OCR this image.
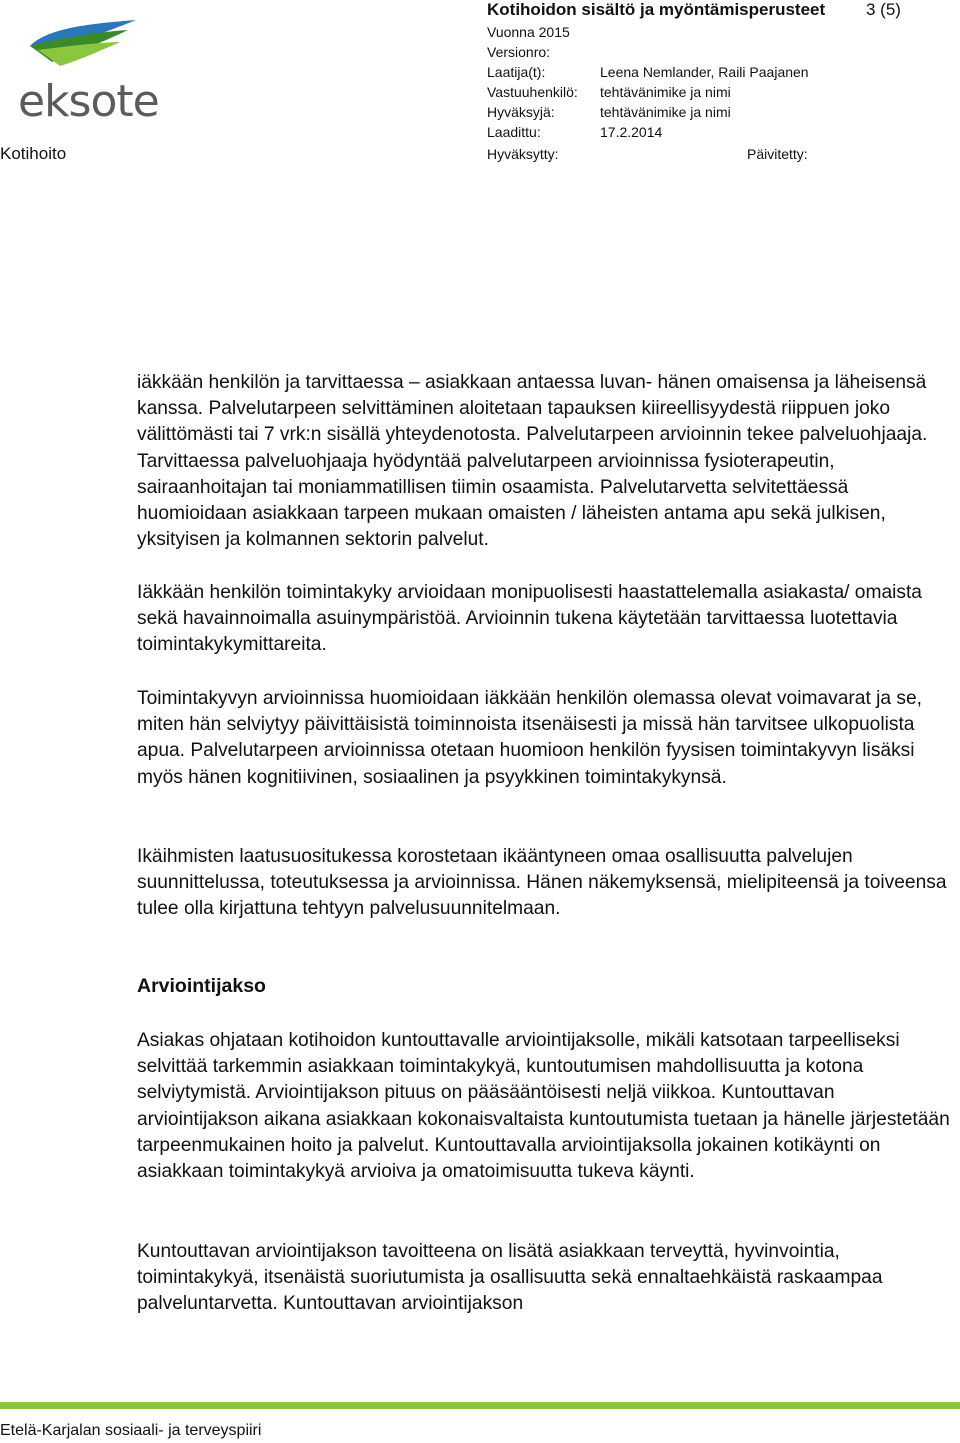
eksote
Kotihoito
Kotihoidon sisältö ja myöntämisperusteet 3 (5)
Vuonna 2015
Versionro:
Laatija(t):	Leena Nemlander, Raili Paajanen
Vastuuhenkilö: tehtävänimike ja nimi
Hyväksyjä:	tehtävänimike ja nimi
Laadittu:	17.2.2014
Hyväksytty:	Päivitetty:

iäkkään henkilön ja tarvittaessa – asiakkaan antaessa luvan- hänen omaisensa ja läheisensä kanssa. Palvelutarpeen selvittäminen aloitetaan tapauksen kiireellisyydestä riippuen joko välittömästi tai 7 vrk:n sisällä yhteydenotosta. Palvelutarpeen arvioinnin tekee palveluohjaaja. Tarvittaessa palveluohjaaja hyödyntää palvelutarpeen arvioinnissa fysioterapeutin, sairaanhoitajan tai moniammatillisen tiimin osaamista. Palvelutarvetta selvitettäessä huomioidaan asiakkaan tarpeen mukaan omaisten / läheisten antama apu sekä julkisen, yksityisen ja kolmannen sektorin palvelut.

Iäkkään henkilön toimintakyky arvioidaan monipuolisesti haastattelemalla asiakasta/ omaista sekä havainnoimalla asuinympäristöä. Arvioinnin tukena käytetään tarvittaessa luotettavia toimintakykymittareita.

Toimintakyvyn arvioinnissa huomioidaan iäkkään henkilön olemassa olevat voimavarat ja se, miten hän selviytyy päivittäisistä toiminnoista itsenäisesti ja missä hän tarvitsee ulkopuolista apua. Palvelutarpeen arvioinnissa otetaan huomioon henkilön fyysisen toimintakyvyn lisäksi myös hänen kognitiivinen, sosiaalinen ja psyykkinen toimintakykynsä.

Ikäihmisten laatusuositukessa korostetaan ikääntyneen omaa osallisuutta palvelujen suunnittelussa, toteutuksessa ja arvioinnissa. Hänen näkemyksensä, mielipiteensä ja toiveensa tulee olla kirjattuna tehtyyn palvelusuunnitelmaan.

Arviointijakso

Asiakas ohjataan kotihoidon kuntouttavalle arviointijaksolle, mikäli katsotaan tarpeelliseksi selvittää tarkemmin asiakkaan toimintakykyä, kuntoutumisen mahdollisuutta ja kotona selviytymistä. Arviointijakson pituus on pääsääntöisesti neljä viikkoa. Kuntouttavan arviointijakson aikana asiakkaan kokonaisvaltaista kuntoutumista tuetaan ja hänelle järjestetään tarpeenmukainen hoito ja palvelut. Kuntouttavalla arviointijaksolla jokainen kotikäynti on asiakkaan toimintakykyä arvioiva ja omatoimisuutta tukeva käynti.

Kuntouttavan arviointijakson tavoitteena on lisätä asiakkaan terveyttä, hyvinvointia, toimintakykyä, itsenäistä suoriutumista ja osallisuutta sekä ennaltaehkäistä raskaampaa palveluntarvetta. Kuntouttavan arviointijakson

Etelä-Karjalan sosiaali- ja terveyspiiri
